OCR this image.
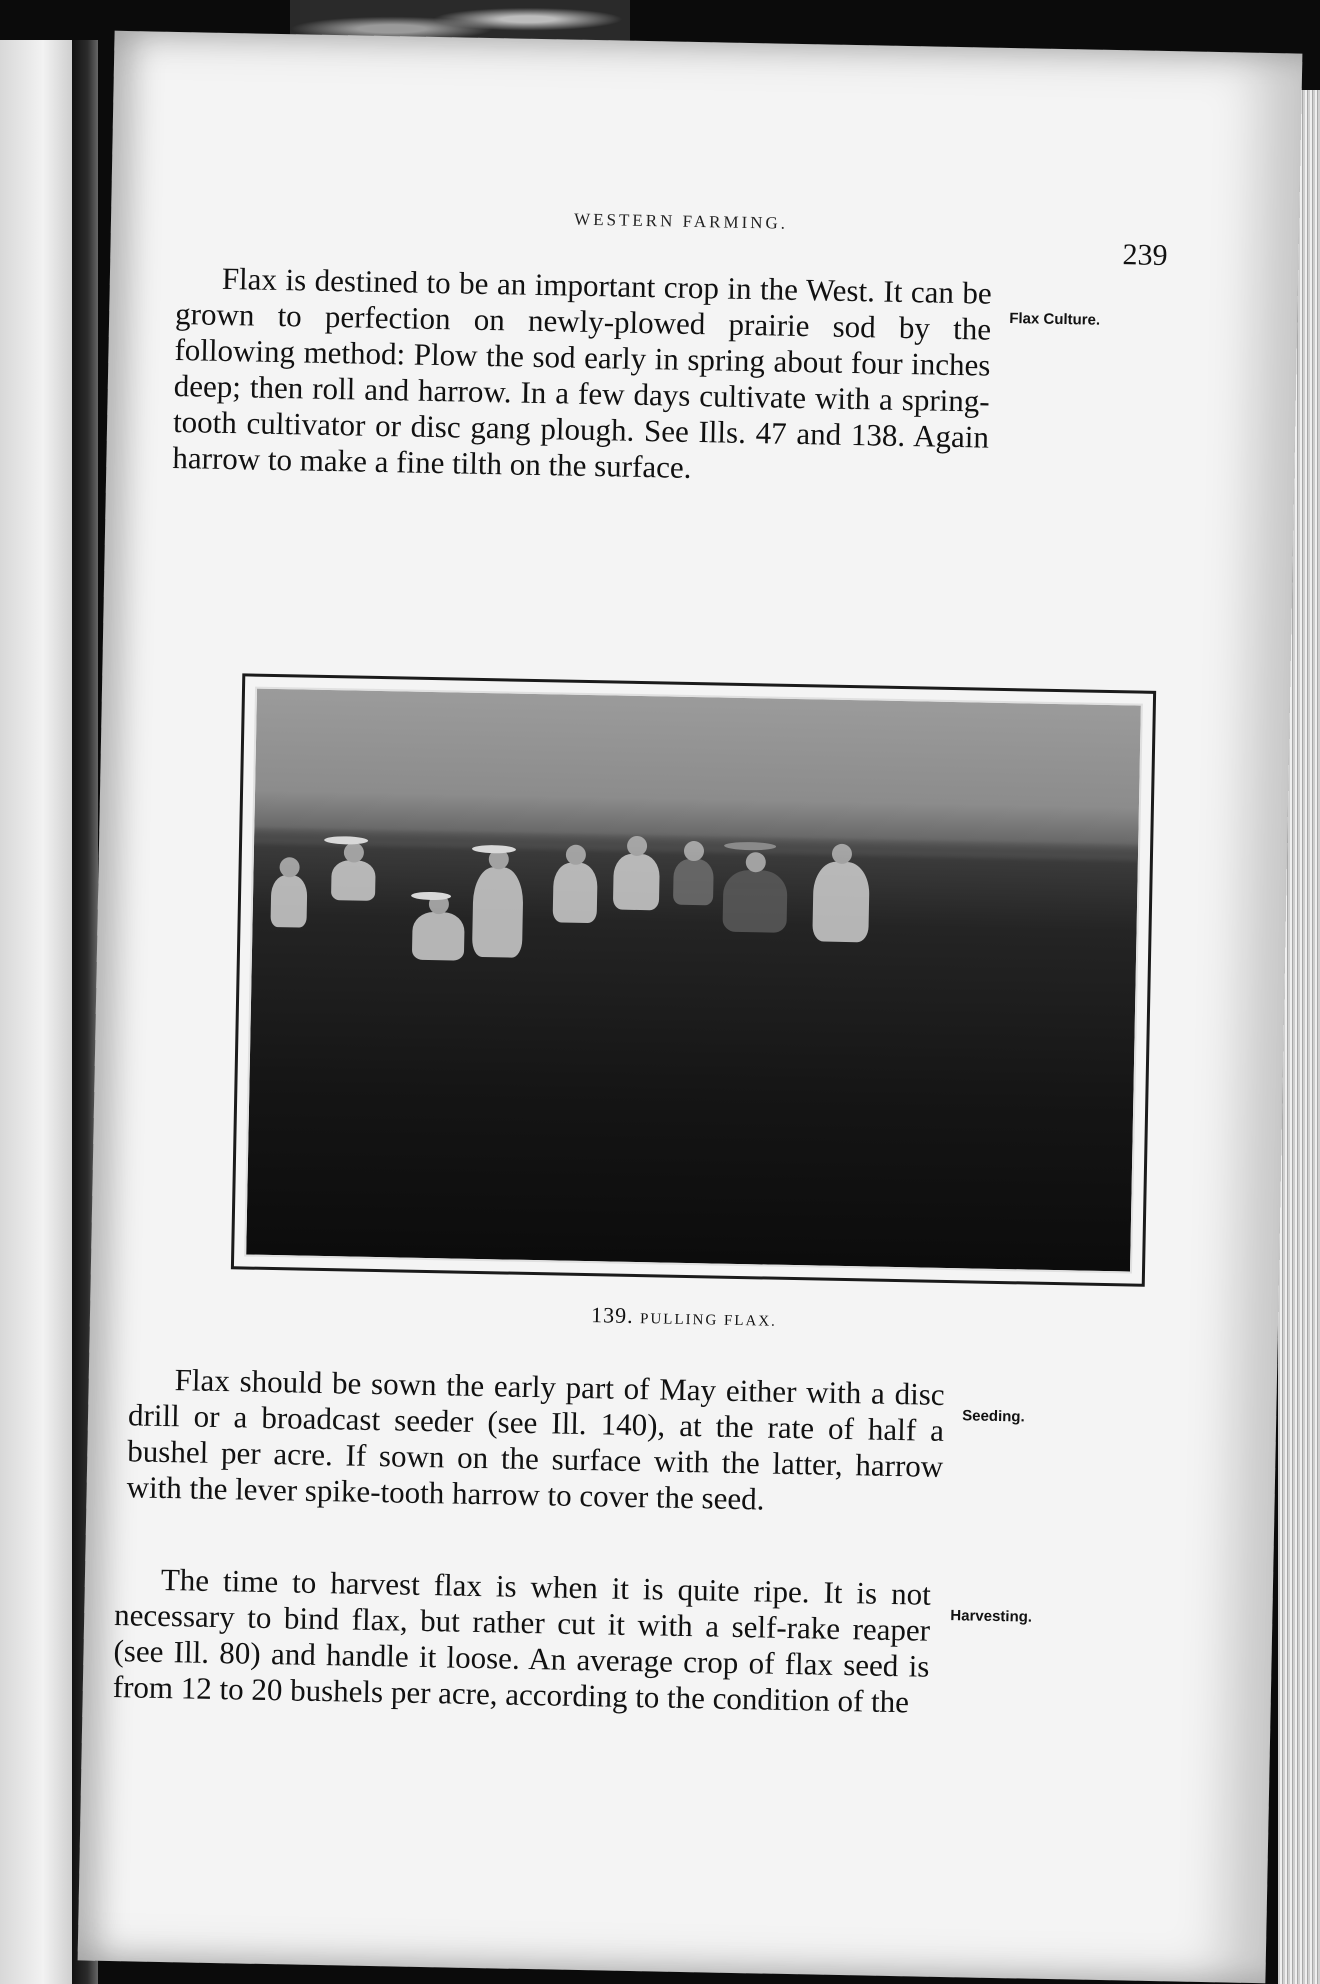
WESTERN FARMING.
239

Flax is destined to be an important crop in the West. It can be grown to perfection on newly-plowed prairie sod by the following method: Plow the sod early in spring about four inches deep; then roll and harrow. In a few days cultivate with a spring-tooth cultivator or disc gang plough. See Ills. 47 and 138. Again harrow to make a fine tilth on the surface.

Flax Culture.
139. PULLING FLAX.

Flax should be sown the early part of May either with a disc drill or a broadcast seeder (see Ill. 140), at the rate of half a bushel per acre. If sown on the surface with the latter, harrow with the lever spike-tooth harrow to cover the seed.

Seeding.

The time to harvest flax is when it is quite ripe. It is not necessary to bind flax, but rather cut it with a self-rake reaper (see Ill. 80) and handle it loose. An average crop of flax seed is from 12 to 20 bushels per acre, according to the condition of the

Harvesting.
